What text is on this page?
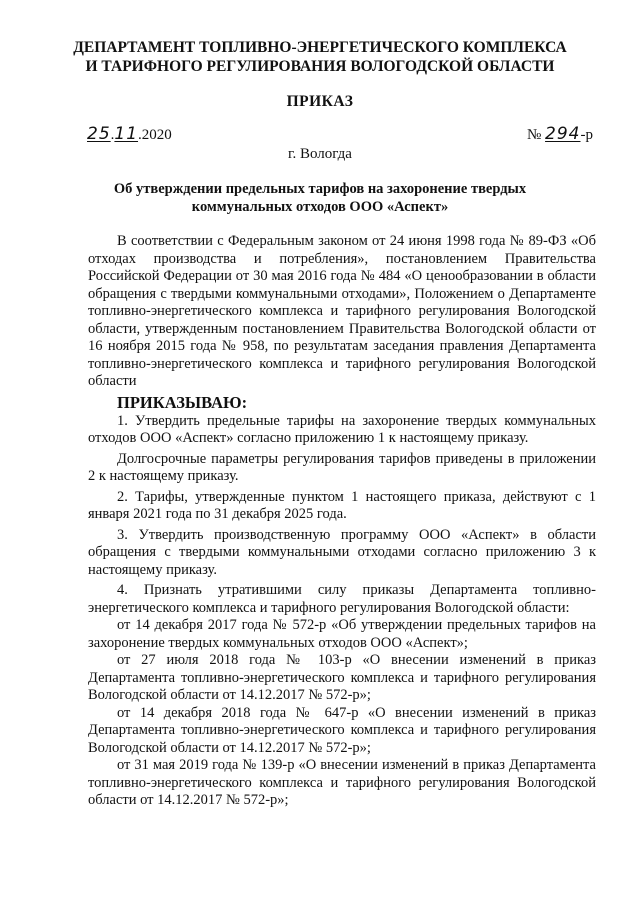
ДЕПАРТАМЕНТ ТОПЛИВНО-ЭНЕРГЕТИЧЕСКОГО КОМПЛЕКСА
И ТАРИФНОГО РЕГУЛИРОВАНИЯ ВОЛОГОДСКОЙ ОБЛАСТИ
ПРИКАЗ
25.11.2020	№ 294-р
г. Вологда
Об утверждении предельных тарифов на захоронение твердых
коммунальных отходов ООО «Аспект»

В соответствии с Федеральным законом от 24 июня 1998 года № 89-ФЗ «Об отходах производства и потребления», постановлением Правительства Российской Федерации от 30 мая 2016 года № 484 «О ценообразовании в области обращения с твердыми коммунальными отходами», Положением о Департаменте топливно-энергетического комплекса и тарифного регулирования Вологодской области, утвержденным постановлением Правительства Вологодской области от 16 ноября 2015 года № 958, по результатам заседания правления Департамента топливно-энергетического комплекса и тарифного регулирования Вологодской области

ПРИКАЗЫВАЮ:

1. Утвердить предельные тарифы на захоронение твердых коммунальных отходов ООО «Аспект» согласно приложению 1 к настоящему приказу.

Долгосрочные параметры регулирования тарифов приведены в приложении 2 к настоящему приказу.

2. Тарифы, утвержденные пунктом 1 настоящего приказа, действуют с 1 января 2021 года по 31 декабря 2025 года.

3. Утвердить производственную программу ООО «Аспект» в области обращения с твердыми коммунальными отходами согласно приложению 3 к настоящему приказу.

4. Признать утратившими силу приказы Департамента топливно-энергетического комплекса и тарифного регулирования Вологодской области:

от 14 декабря 2017 года № 572-р «Об утверждении предельных тарифов на захоронение твердых коммунальных отходов ООО «Аспект»;

от 27 июля 2018 года № 103-р «О внесении изменений в приказ Департамента топливно-энергетического комплекса и тарифного регулирования Вологодской области от 14.12.2017 № 572-р»;

от 14 декабря 2018 года № 647-р «О внесении изменений в приказ Департамента топливно-энергетического комплекса и тарифного регулирования Вологодской области от 14.12.2017 № 572-р»;

от 31 мая 2019 года № 139-р «О внесении изменений в приказ Департамента топливно-энергетического комплекса и тарифного регулирования Вологодской области от 14.12.2017 № 572-р»;
